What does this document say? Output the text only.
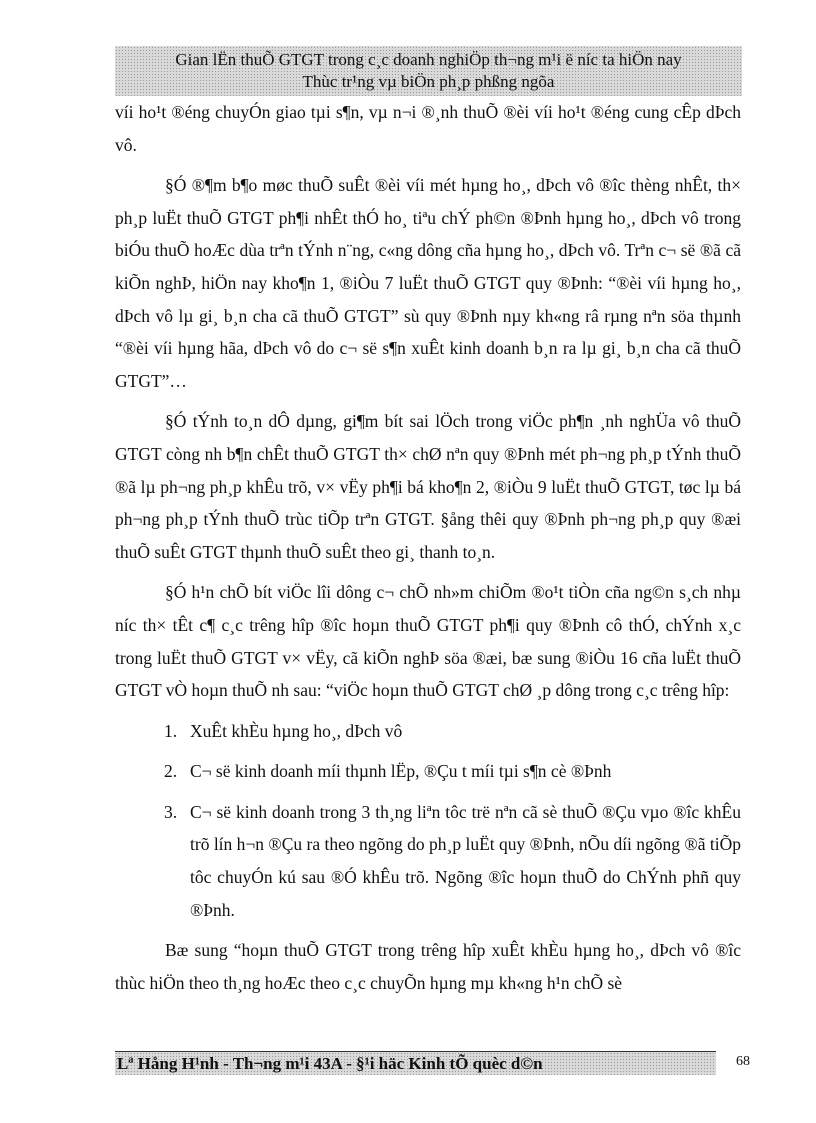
Gian lËn thuÕ GTGT trong c¸c doanh nghiÖp th¬ng m¹i ë níc ta hiÖn nay
Thùc tr¹ng vµ biÖn ph¸p phßng ngõa

víi ho¹t ®éng chuyÓn giao tµi s¶n, vµ n¬i ®¸nh thuÕ ®èi víi ho¹t ®éng cung cÊp dÞch vô.

§Ó ®¶m b¶o møc thuÕ suÊt ®èi víi mét hµng ho¸, dÞch vô ®îc thèng nhÊt, th× ph¸p luËt thuÕ GTGT ph¶i nhÊt thÓ ho¸ tiªu chÝ ph©n ®Þnh hµng ho¸, dÞch vô trong biÓu thuÕ hoÆc dùa trªn tÝnh n¨ng, c«ng dông cña hµng ho¸, dÞch vô. Trªn c¬ së ®ã cã kiÕn nghÞ, hiÖn nay kho¶n 1, ®iÒu 7 luËt thuÕ GTGT quy ®Þnh: “®èi víi hµng ho¸, dÞch vô lµ gi¸ b¸n cha cã thuÕ GTGT” sù quy ®Þnh nµy kh«ng râ rµng nªn söa thµnh “®èi víi hµng hãa, dÞch vô do c¬ së s¶n xuÊt kinh doanh b¸n ra lµ gi¸ b¸n cha cã thuÕ GTGT”…

§Ó tÝnh to¸n dÔ dµng, gi¶m bít sai lÖch trong viÖc ph¶n ¸nh nghÜa vô thuÕ GTGT còng nh b¶n chÊt thuÕ GTGT th× chØ nªn quy ®Þnh mét ph¬ng ph¸p tÝnh thuÕ ®ã lµ ph¬ng ph¸p khÊu trõ, v× vËy ph¶i bá kho¶n 2, ®iÒu 9 luËt thuÕ GTGT, tøc lµ bá ph¬ng ph¸p tÝnh thuÕ trùc tiÕp trªn GTGT. §ång thêi quy ®Þnh ph¬ng ph¸p quy ®æi thuÕ suÊt GTGT thµnh thuÕ suÊt theo gi¸ thanh to¸n.

§Ó h¹n chÕ bít viÖc lîi dông c¬ chÕ nh»m chiÕm ®o¹t tiÒn cña ng©n s¸ch nhµ níc th× tÊt c¶ c¸c trêng hîp ®îc hoµn thuÕ GTGT ph¶i quy ®Þnh cô thÓ, chÝnh x¸c trong luËt thuÕ GTGT v× vËy, cã kiÕn nghÞ söa ®æi, bæ sung ®iÒu 16 cña luËt thuÕ GTGT vÒ hoµn thuÕ nh sau: “viÖc hoµn thuÕ GTGT chØ ¸p dông trong c¸c trêng hîp:

1. XuÊt khÈu hµng ho¸, dÞch vô
2. C¬ së kinh doanh míi thµnh lËp, ®Çu t míi tµi s¶n cè ®Þnh
3. C¬ së kinh doanh trong 3 th¸ng liªn tôc trë nªn cã sè thuÕ ®Çu vµo ®îc khÊu trõ lín h¬n ®Çu ra theo ngõng do ph¸p luËt quy ®Þnh, nÕu díi ngõng ®ã tiÕp tôc chuyÓn kú sau ®Ó khÊu trõ. Ngõng ®îc hoµn thuÕ do ChÝnh phñ quy ®Þnh.

Bæ sung “hoµn thuÕ GTGT trong trêng hîp xuÊt khÈu hµng ho¸, dÞch vô ®îc thùc hiÖn theo th¸ng hoÆc theo c¸c chuyÕn hµng mµ kh«ng h¹n chÕ sè

Lª Hång H¹nh - Th¬ng m¹i 43A - §¹i häc Kinh tÕ quèc d©n	68
